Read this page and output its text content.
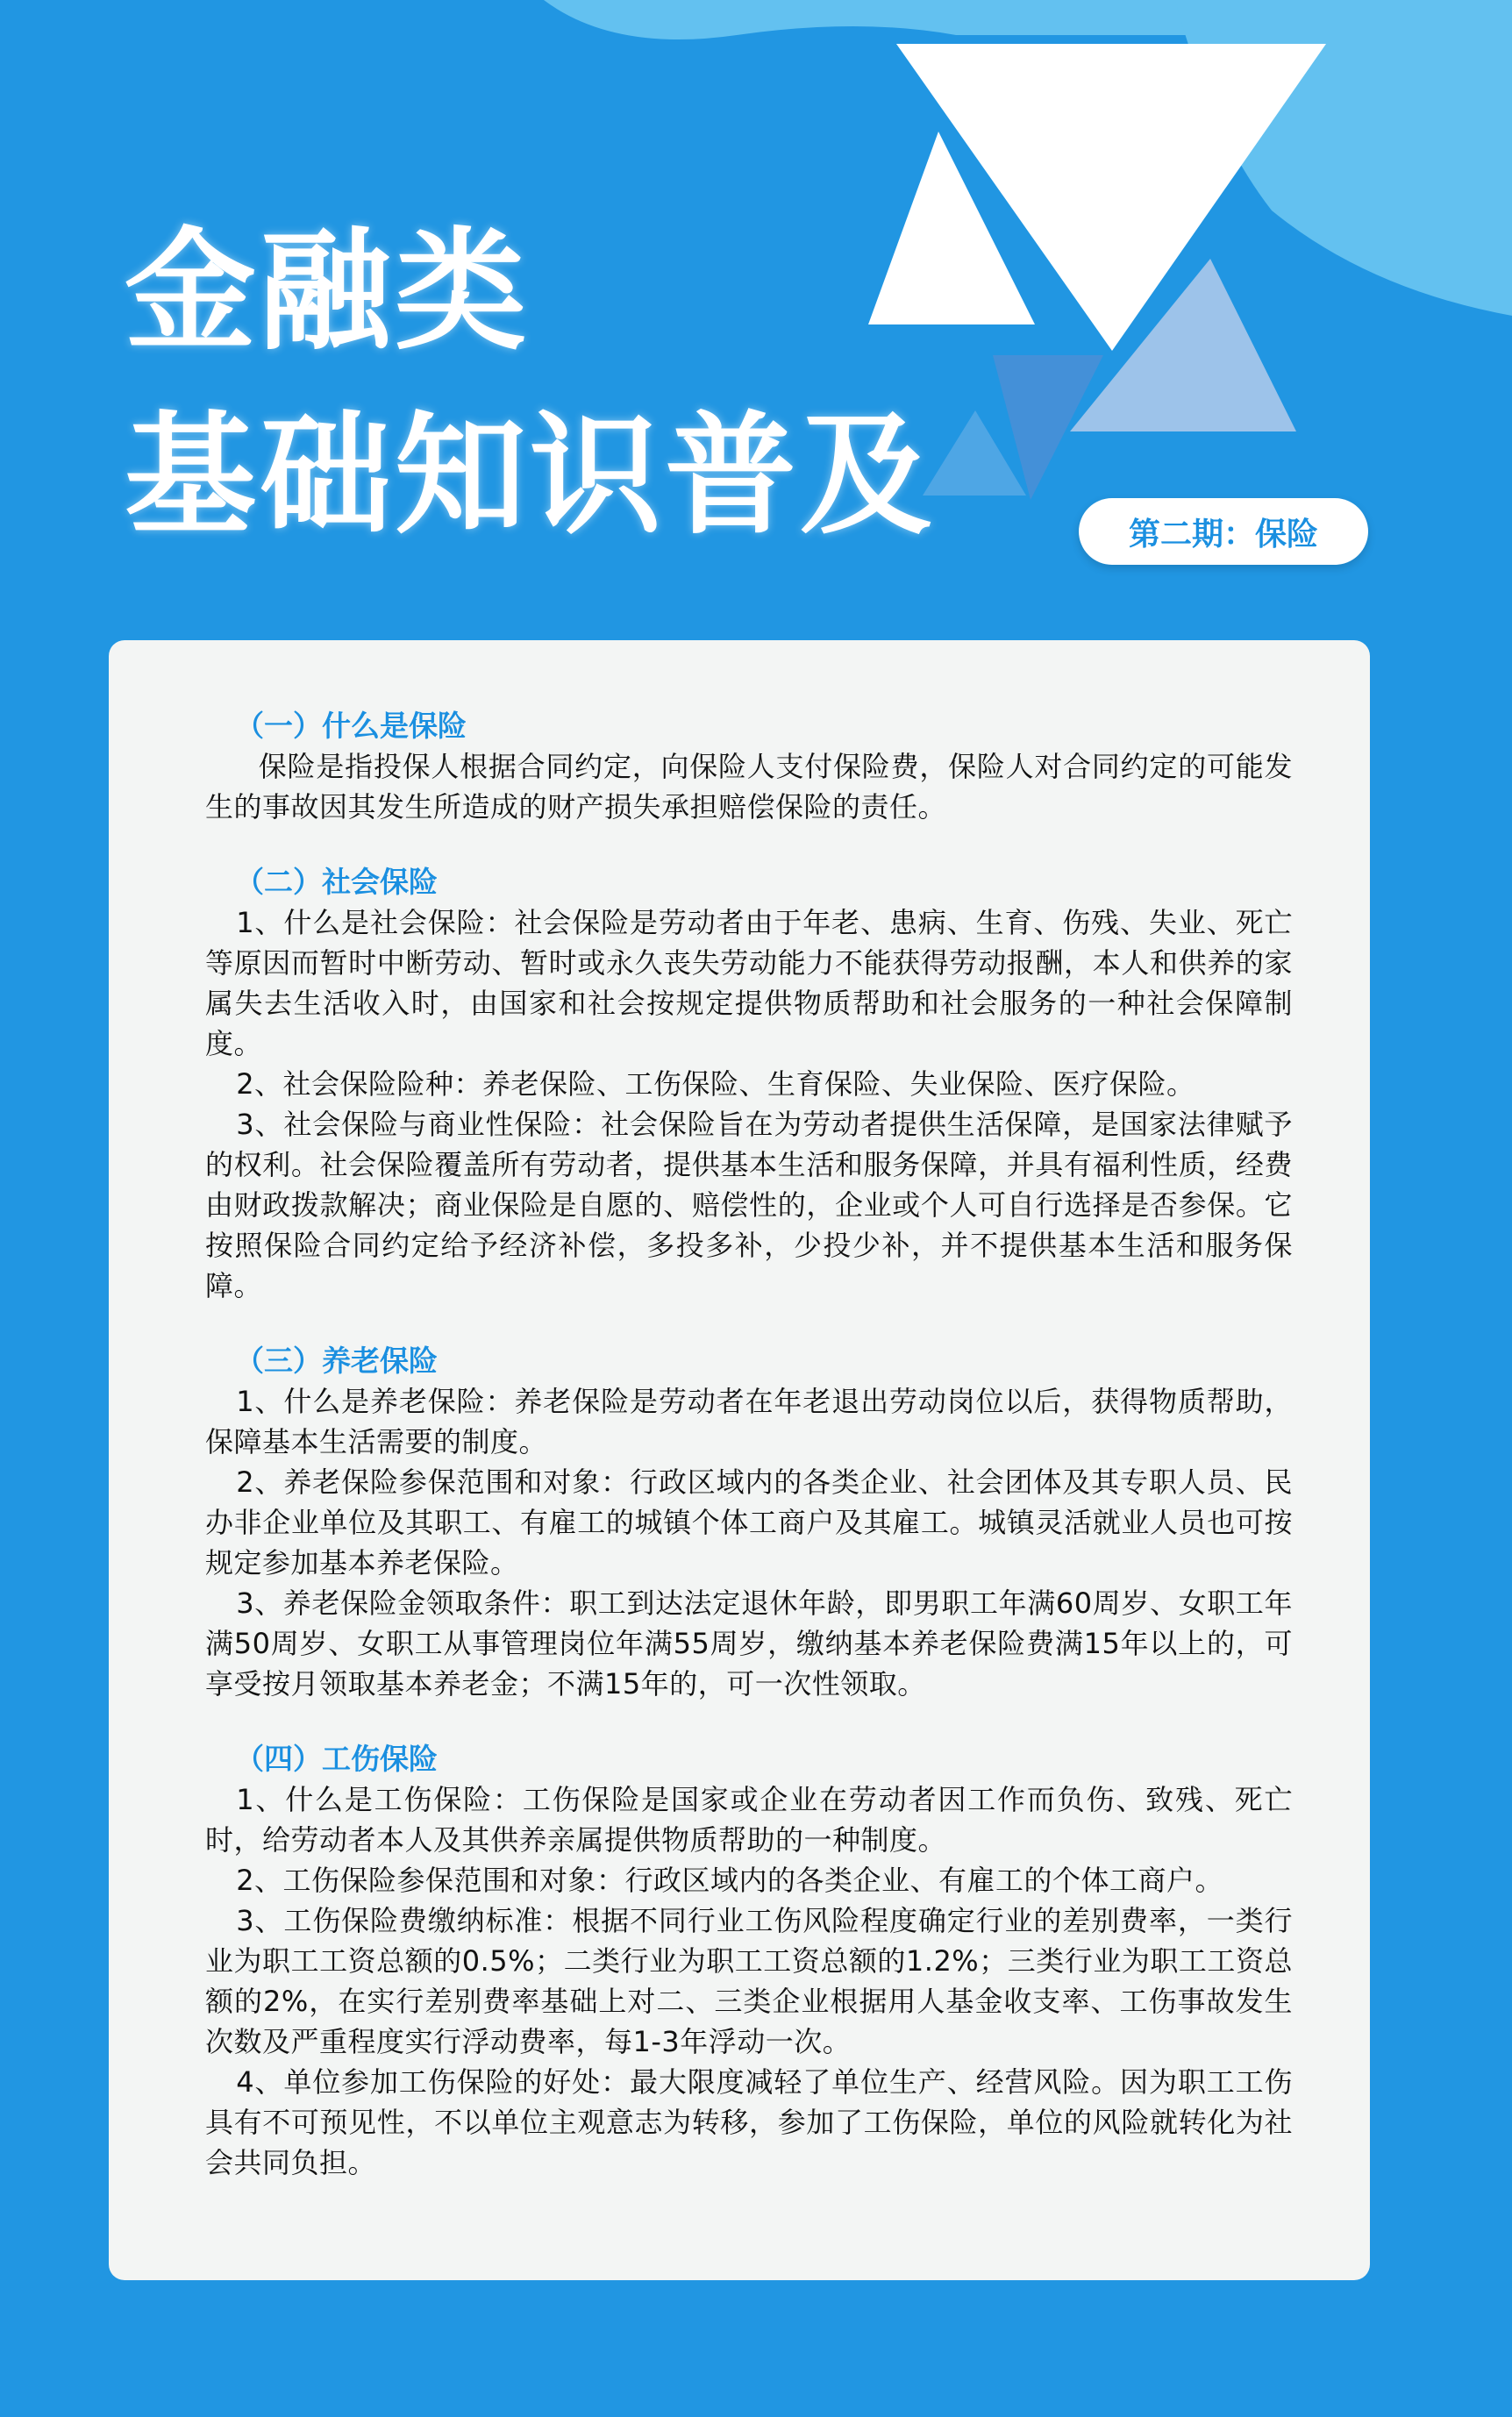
金融类
基础知识普及	第二期：保险
（一）什么是保险

保险是指投保人根据合同约定，向保险人支付保险费，保险人对合同约定的可能发生的事故因其发生所造成的财产损失承担赔偿保险的责任。

（二）社会保险

1、什么是社会保险：社会保险是劳动者由于年老、患病、生育、伤残、失业、死亡等原因而暂时中断劳动、暂时或永久丧失劳动能力不能获得劳动报酬，本人和供养的家属失去生活收入时，由国家和社会按规定提供物质帮助和社会服务的一种社会保障制度。

2、社会保险险种：养老保险、工伤保险、生育保险、失业保险、医疗保险。

3、社会保险与商业性保险：社会保险旨在为劳动者提供生活保障，是国家法律赋予的权利。社会保险覆盖所有劳动者，提供基本生活和服务保障，并具有福利性质，经费由财政拨款解决；商业保险是自愿的、赔偿性的，企业或个人可自行选择是否参保。它按照保险合同约定给予经济补偿，多投多补，少投少补，并不提供基本生活和服务保障。

（三）养老保险

1、什么是养老保险：养老保险是劳动者在年老退出劳动岗位以后，获得物质帮助，保障基本生活需要的制度。

2、养老保险参保范围和对象：行政区域内的各类企业、社会团体及其专职人员、民办非企业单位及其职工、有雇工的城镇个体工商户及其雇工。城镇灵活就业人员也可按规定参加基本养老保险。

3、养老保险金领取条件：职工到达法定退休年龄，即男职工年满60周岁、女职工年满50周岁、女职工从事管理岗位年满55周岁，缴纳基本养老保险费满15年以上的，可享受按月领取基本养老金；不满15年的，可一次性领取。

（四）工伤保险

1、什么是工伤保险：工伤保险是国家或企业在劳动者因工作而负伤、致残、死亡时，给劳动者本人及其供养亲属提供物质帮助的一种制度。

2、工伤保险参保范围和对象：行政区域内的各类企业、有雇工的个体工商户。

3、工伤保险费缴纳标准：根据不同行业工伤风险程度确定行业的差别费率，一类行业为职工工资总额的0.5%；二类行业为职工工资总额的1.2%；三类行业为职工工资总额的2%，在实行差别费率基础上对二、三类企业根据用人基金收支率、工伤事故发生次数及严重程度实行浮动费率，每1-3年浮动一次。

4、单位参加工伤保险的好处：最大限度减轻了单位生产、经营风险。因为职工工伤具有不可预见性，不以单位主观意志为转移，参加了工伤保险，单位的风险就转化为社会共同负担。
